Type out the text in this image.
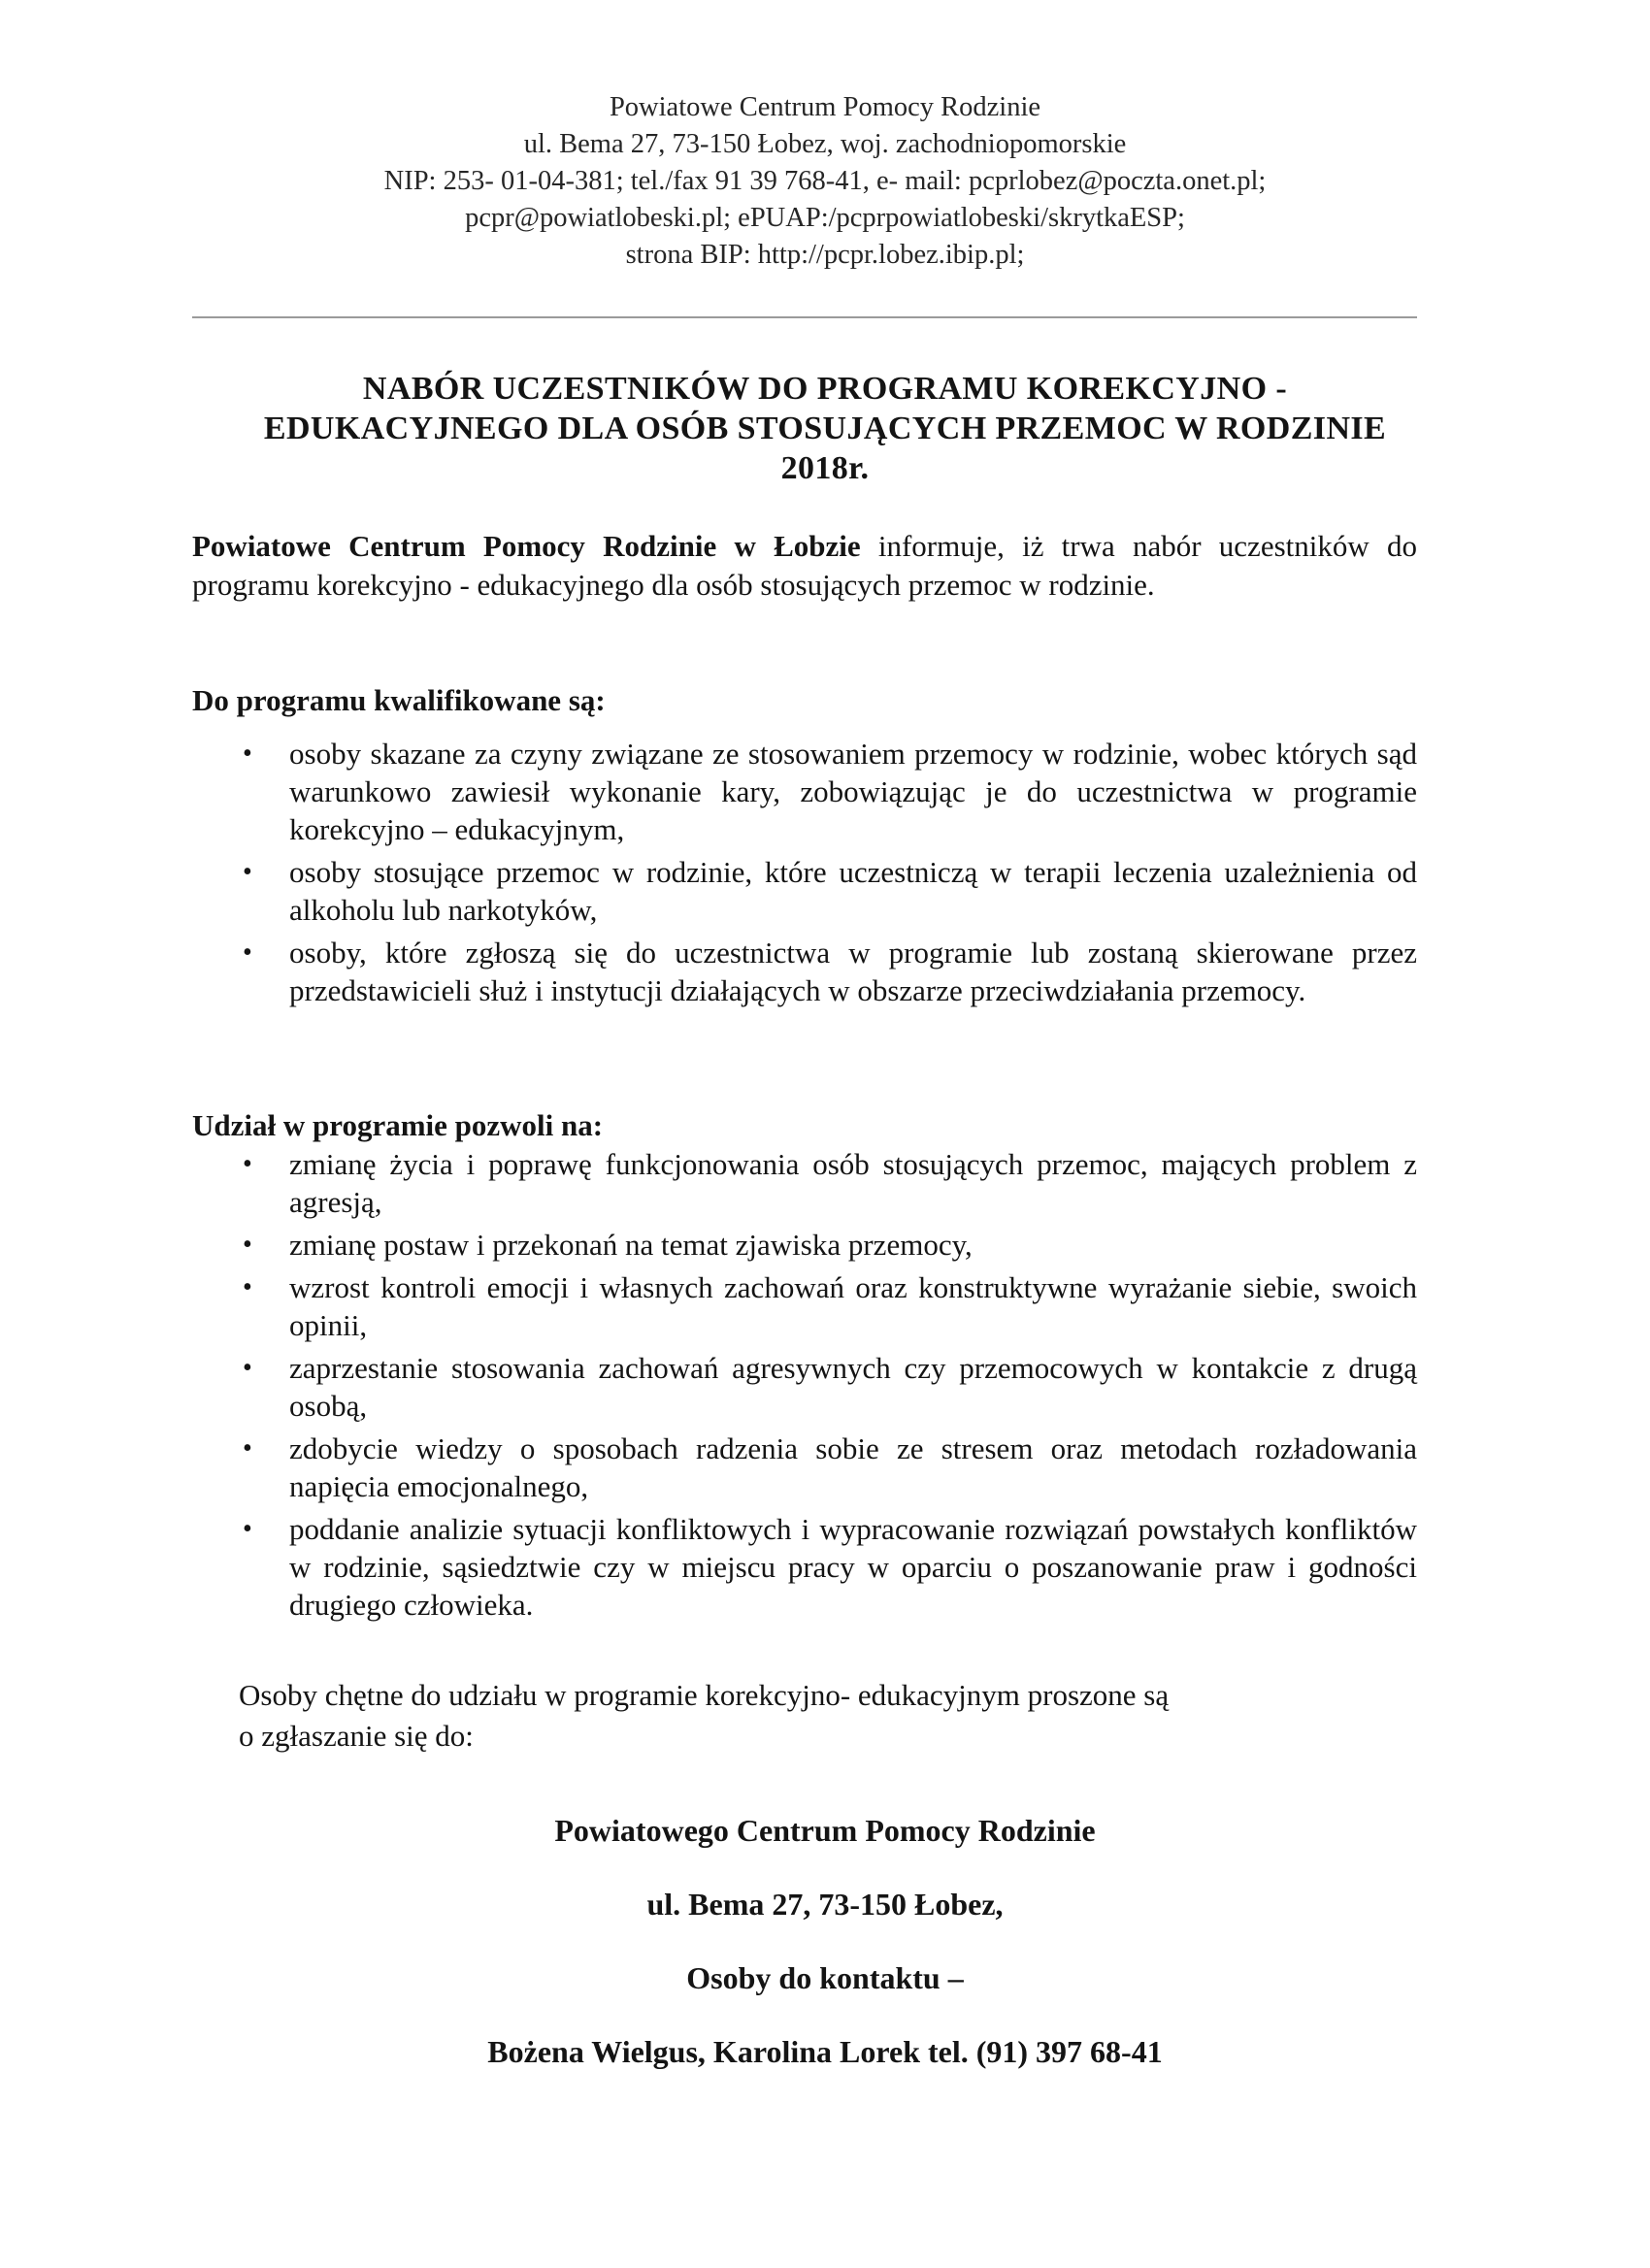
Powiatowe Centrum Pomocy Rodzinie
ul. Bema 27, 73-150 Łobez, woj. zachodniopomorskie
NIP: 253- 01-04-381; tel./fax 91 39 768-41, e- mail: pcprlobez@poczta.onet.pl;
pcpr@powiatlobeski.pl; ePUAP:/pcprpowiatlobeski/skrytkaESP;
strona BIP: http://pcpr.lobez.ibip.pl;
NABÓR UCZESTNIKÓW DO PROGRAMU KOREKCYJNO -
EDUKACYJNEGO DLA OSÓB STOSUJĄCYCH PRZEMOC W RODZINIE
2018r.
Powiatowe Centrum Pomocy Rodzinie w Łobzie informuje, iż trwa nabór uczestników do programu korekcyjno - edukacyjnego dla osób stosujących przemoc w rodzinie.
Do programu kwalifikowane są:
• osoby skazane za czyny związane ze stosowaniem przemocy w rodzinie, wobec których sąd warunkowo zawiesił wykonanie kary, zobowiązując je do uczestnictwa w programie korekcyjno – edukacyjnym,
• osoby stosujące przemoc w rodzinie, które uczestniczą w terapii leczenia uzależnienia od alkoholu lub narkotyków,
• osoby, które zgłoszą się do uczestnictwa w programie lub zostaną skierowane przez przedstawicieli służ i instytucji działających w obszarze przeciwdziałania przemocy.
Udział w programie pozwoli na:
• zmianę życia i poprawę funkcjonowania osób stosujących przemoc, mających problem z agresją,
• zmianę postaw i przekonań na temat zjawiska przemocy,
• wzrost kontroli emocji i własnych zachowań oraz konstruktywne wyrażanie siebie, swoich opinii,
• zaprzestanie stosowania zachowań agresywnych czy przemocowych w kontakcie z drugą osobą,
• zdobycie wiedzy o sposobach radzenia sobie ze stresem oraz metodach rozładowania napięcia emocjonalnego,
• poddanie analizie sytuacji konfliktowych i wypracowanie rozwiązań powstałych konfliktów w rodzinie, sąsiedztwie czy w miejscu pracy w oparciu o poszanowanie praw i godności drugiego człowieka.
Osoby chętne do udziału w programie korekcyjno- edukacyjnym proszone są
o zgłaszanie się do:
Powiatowego Centrum Pomocy Rodzinie
ul. Bema 27, 73-150 Łobez,
Osoby do kontaktu –
Bożena Wielgus, Karolina Lorek tel. (91) 397 68-41
